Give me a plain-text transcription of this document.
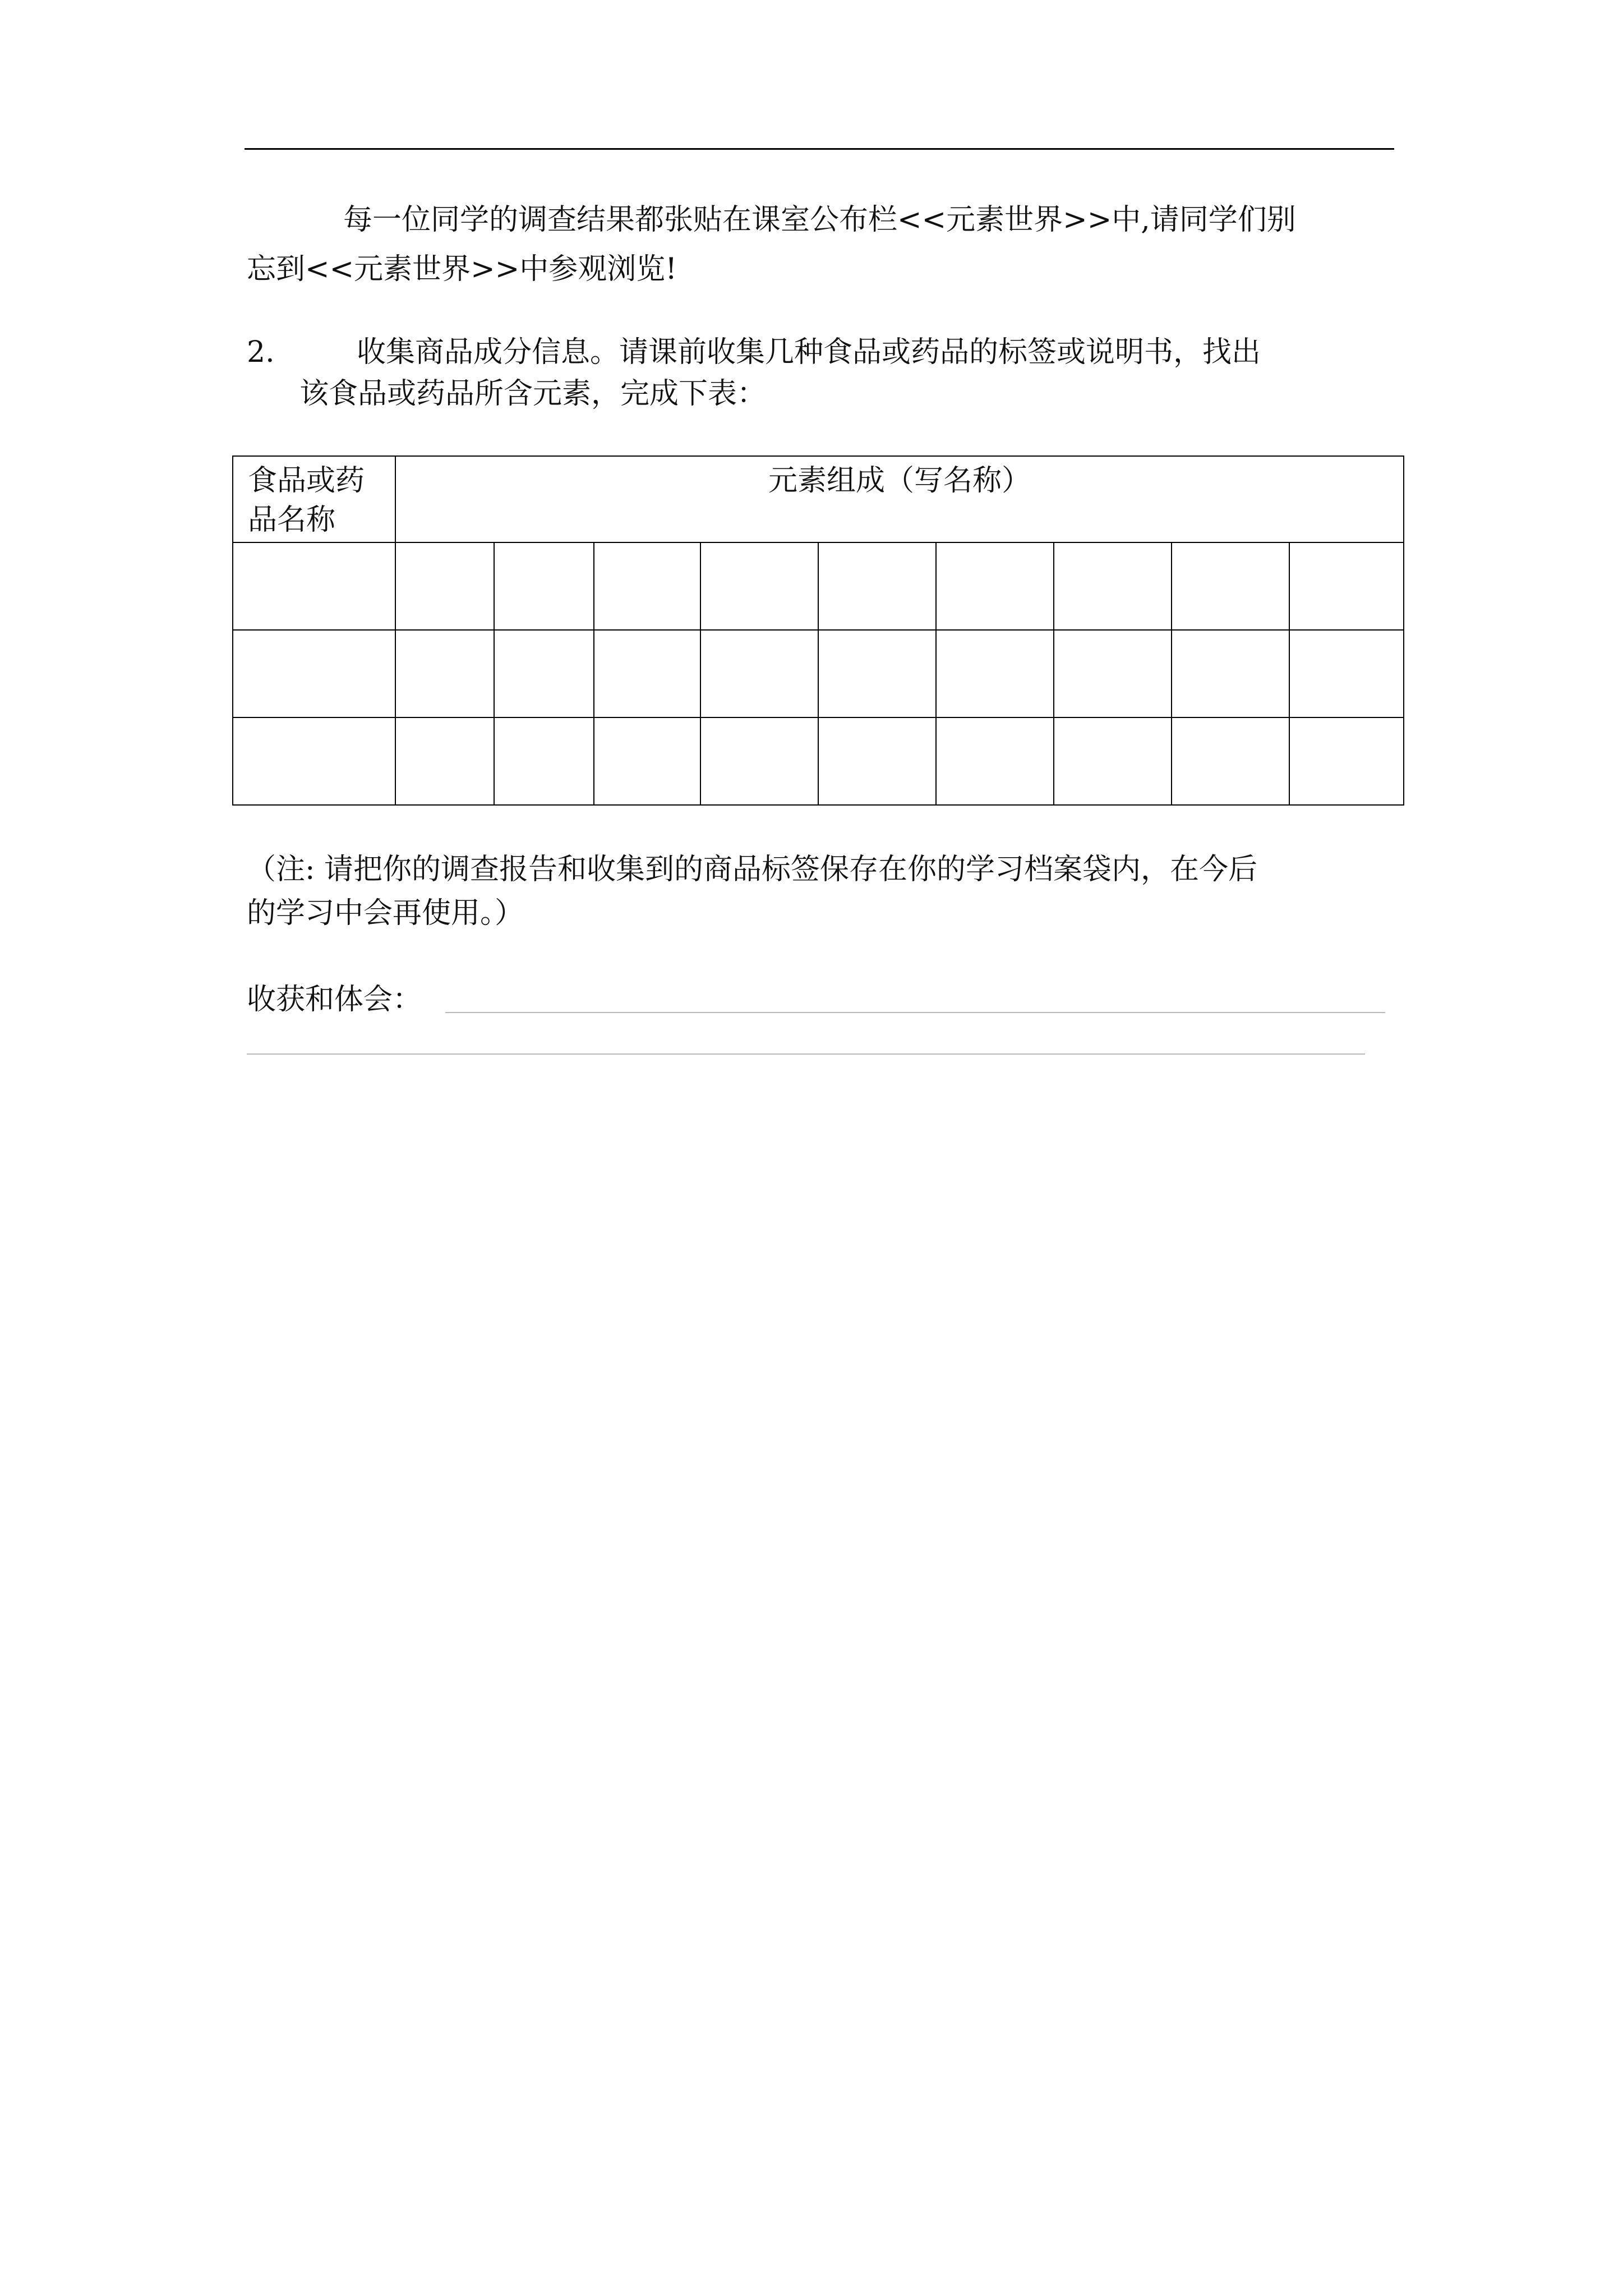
每一位同学的调查结果都张贴在课室公布栏<<元素世界>>中,请同学们别
忘到<<元素世界>>中参观浏览!
2.	收集商品成分信息。请课前收集几种食品或药品的标签或说明书，找出
该食品或药品所含元素，完成下表：
食品或药
品名称	元素组成（写名称）								

（注: 请把你的调查报告和收集到的商品标签保存在你的学习档案袋内，在今后
的学习中会再使用。）
收获和体会：
